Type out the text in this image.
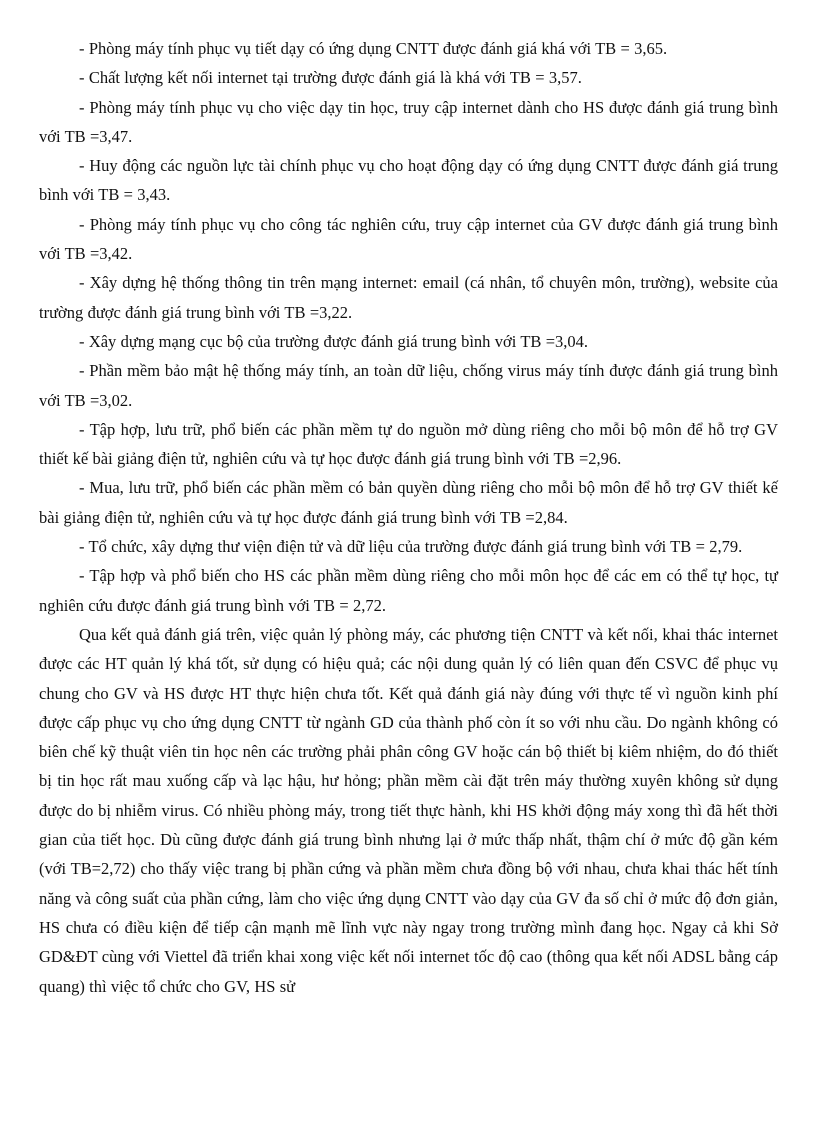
- Phòng máy tính phục vụ tiết dạy có ứng dụng CNTT được đánh giá khá với TB = 3,65.

- Chất lượng kết nối internet tại trường được đánh giá là khá với TB = 3,57.

- Phòng máy tính phục vụ cho việc dạy tin học, truy cập internet dành cho HS được đánh giá trung bình với TB =3,47.

- Huy động các nguồn lực tài chính phục vụ cho hoạt động dạy có ứng dụng CNTT được đánh giá trung bình với TB = 3,43.

- Phòng máy tính phục vụ cho công tác nghiên cứu, truy cập internet của GV được đánh giá trung bình với TB =3,42.

- Xây dựng hệ thống thông tin trên mạng internet: email (cá nhân, tổ chuyên môn, trường), website của trường được đánh giá trung bình với TB =3,22.

- Xây dựng mạng cục bộ của trường được đánh giá trung bình với TB =3,04.

- Phần mềm bảo mật hệ thống máy tính, an toàn dữ liệu, chống virus máy tính được đánh giá trung bình với TB =3,02.

- Tập hợp, lưu trữ, phổ biến các phần mềm tự do nguồn mở dùng riêng cho mỗi bộ môn để hỗ trợ GV thiết kế bài giảng điện tử, nghiên cứu và tự học được đánh giá trung bình với TB =2,96.

- Mua, lưu trữ, phổ biến các phần mềm có bản quyền dùng riêng cho mỗi bộ môn để hỗ trợ GV thiết kế bài giảng điện tử, nghiên cứu và tự học được đánh giá trung bình với TB =2,84.

- Tổ chức, xây dựng thư viện điện tử và dữ liệu của trường được đánh giá trung bình với TB = 2,79.

- Tập hợp và phổ biến cho HS các phần mềm dùng riêng cho mỗi môn học để các em có thể tự học, tự nghiên cứu được đánh giá trung bình với TB = 2,72.

Qua kết quả đánh giá trên, việc quản lý phòng máy, các phương tiện CNTT và kết nối, khai thác internet được các HT quản lý khá tốt, sử dụng có hiệu quả; các nội dung quản lý có liên quan đến CSVC để phục vụ chung cho GV và HS được HT thực hiện chưa tốt. Kết quả đánh giá này đúng với thực tế vì nguồn kinh phí được cấp phục vụ cho ứng dụng CNTT từ ngành GD của thành phố còn ít so với nhu cầu. Do ngành không có biên chế kỹ thuật viên tin học nên các trường phải phân công GV hoặc cán bộ thiết bị kiêm nhiệm, do đó thiết bị tin học rất mau xuống cấp và lạc hậu, hư hỏng; phần mềm cài đặt trên máy thường xuyên không sử dụng được do bị nhiễm virus. Có nhiều phòng máy, trong tiết thực hành, khi HS khởi động máy xong thì đã hết thời gian của tiết học. Dù cũng được đánh giá trung bình nhưng lại ở mức thấp nhất, thậm chí ở mức độ gần kém (với TB=2,72) cho thấy việc trang bị phần cứng và phần mềm chưa đồng bộ với nhau, chưa khai thác hết tính năng và công suất của phần cứng, làm cho việc ứng dụng CNTT vào dạy của GV đa số chỉ ở mức độ đơn giản, HS chưa có điều kiện để tiếp cận mạnh mẽ lĩnh vực này ngay trong trường mình đang học. Ngay cả khi Sở GD&ĐT cùng với Viettel đã triển khai xong việc kết nối internet tốc độ cao (thông qua kết nối ADSL bằng cáp quang) thì việc tổ chức cho GV, HS sử
